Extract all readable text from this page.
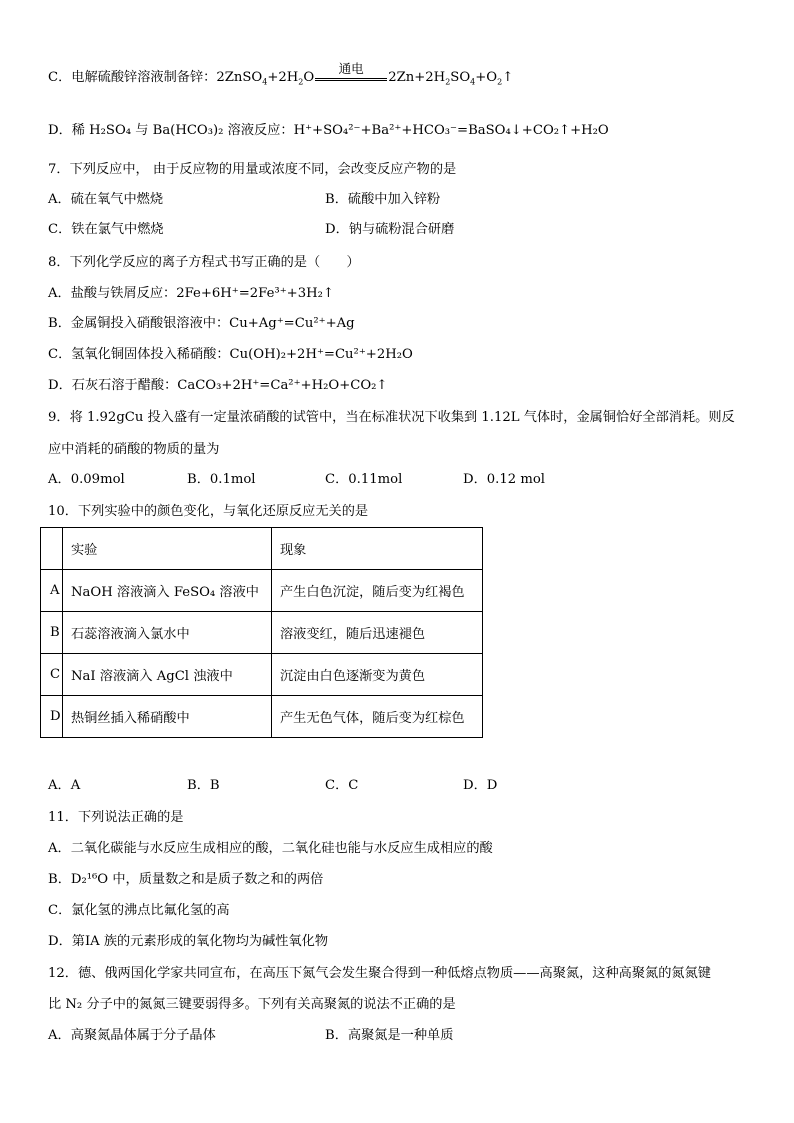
C．电解硫酸锌溶液制备锌：$2ZnSO_4+2H_2O$
通电
$2Zn+2H_2SO_4+O_2↑$
D．稀 H₂SO₄ 与 Ba(HCO₃)₂ 溶液反应：H⁺+SO₄²⁻+Ba²⁺+HCO₃⁻=BaSO₄↓+CO₂↑+H₂O
7．下列反应中， 由于反应物的用量或浓度不同，会改变反应产物的是
A．硫在氧气中燃烧	B．硫酸中加入锌粉
C．铁在氯气中燃烧	D．钠与硫粉混合研磨
8．下列化学反应的离子方程式书写正确的是（　　）
A．盐酸与铁屑反应：2Fe+6H⁺=2Fe³⁺+3H₂↑
B．金属铜投入硝酸银溶液中：Cu+Ag⁺=Cu²⁺+Ag
C．氢氧化铜固体投入稀硝酸：Cu(OH)₂+2H⁺=Cu²⁺+2H₂O
D．石灰石溶于醋酸：CaCO₃+2H⁺=Ca²⁺+H₂O+CO₂↑
9．将 1.92gCu 投入盛有一定量浓硝酸的试管中，当在标准状况下收集到 1.12L 气体时，金属铜恰好全部消耗。则反
应中消耗的硝酸的物质的量为
A．0.09mol	B．0.1mol	C．0.11mol	D．0.12 mol
10．下列实验中的颜色变化，与氧化还原反应无关的是
	实验	现象
A	NaOH 溶液滴入 FeSO₄ 溶液中	产生白色沉淀，随后变为红褐色
B	石蕊溶液滴入氯水中	溶液变红，随后迅速褪色
C	NaI 溶液滴入 AgCl 浊液中	沉淀由白色逐渐变为黄色
D	热铜丝插入稀硝酸中	产生无色气体，随后变为红棕色
A．A	B．B	C．C	D．D
11．下列说法正确的是
A．二氧化碳能与水反应生成相应的酸，二氧化硅也能与水反应生成相应的酸
B．D₂¹⁶O 中，质量数之和是质子数之和的两倍
C．氯化氢的沸点比氟化氢的高
D．第ⅠA 族的元素形成的氧化物均为碱性氧化物
12．德、俄两国化学家共同宣布，在高压下氮气会发生聚合得到一种低熔点物质——高聚氮，这种高聚氮的氮氮键
比 N₂ 分子中的氮氮三键要弱得多。下列有关高聚氮的说法不正确的是
A．高聚氮晶体属于分子晶体	B．高聚氮是一种单质
